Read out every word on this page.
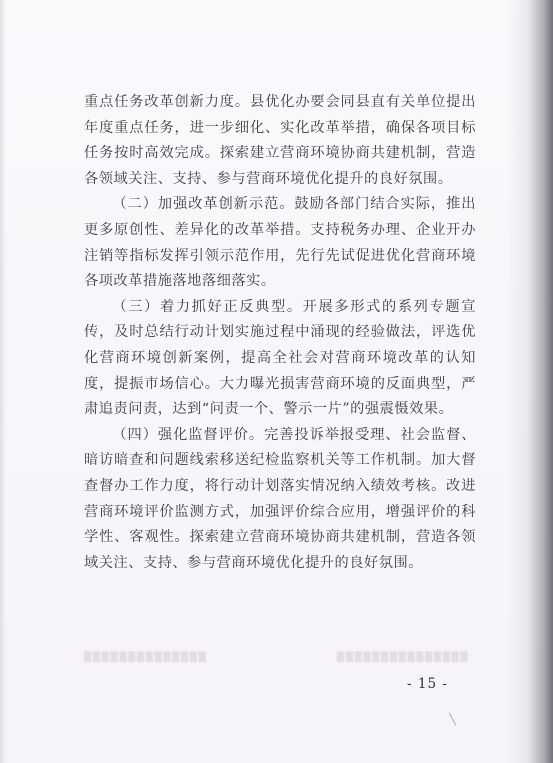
重点任务改革创新力度。县优化办要会同县直有关单位提出年度重点任务，进一步细化、实化改革举措，确保各项目标任务按时高效完成。探索建立营商环境协商共建机制，营造各领域关注、支持、参与营商环境优化提升的良好氛围。

（二）加强改革创新示范。鼓励各部门结合实际，推出更多原创性、差异化的改革举措。支持税务办理、企业开办注销等指标发挥引领示范作用，先行先试促进优化营商环境各项改革措施落地落细落实。

（三）着力抓好正反典型。开展多形式的系列专题宣传，及时总结行动计划实施过程中涌现的经验做法，评选优化营商环境创新案例，提高全社会对营商环境改革的认知度，提振市场信心。大力曝光损害营商环境的反面典型，严肃追责问责，达到“问责一个、警示一片”的强震慑效果。

（四）强化监督评价。完善投诉举报受理、社会监督、暗访暗查和问题线索移送纪检监察机关等工作机制。加大督查督办工作力度，将行动计划落实情况纳入绩效考核。改进营商环境评价监测方式，加强评价综合应用，增强评价的科学性、客观性。探索建立营商环境协商共建机制，营造各领域关注、支持、参与营商环境优化提升的良好氛围。

▒▒▒▒▒▒▒▒▒▒▒▒▒▒	▒▒▒▒▒▒▒▒▒▒▒▒▒▒▒
- 15 -
